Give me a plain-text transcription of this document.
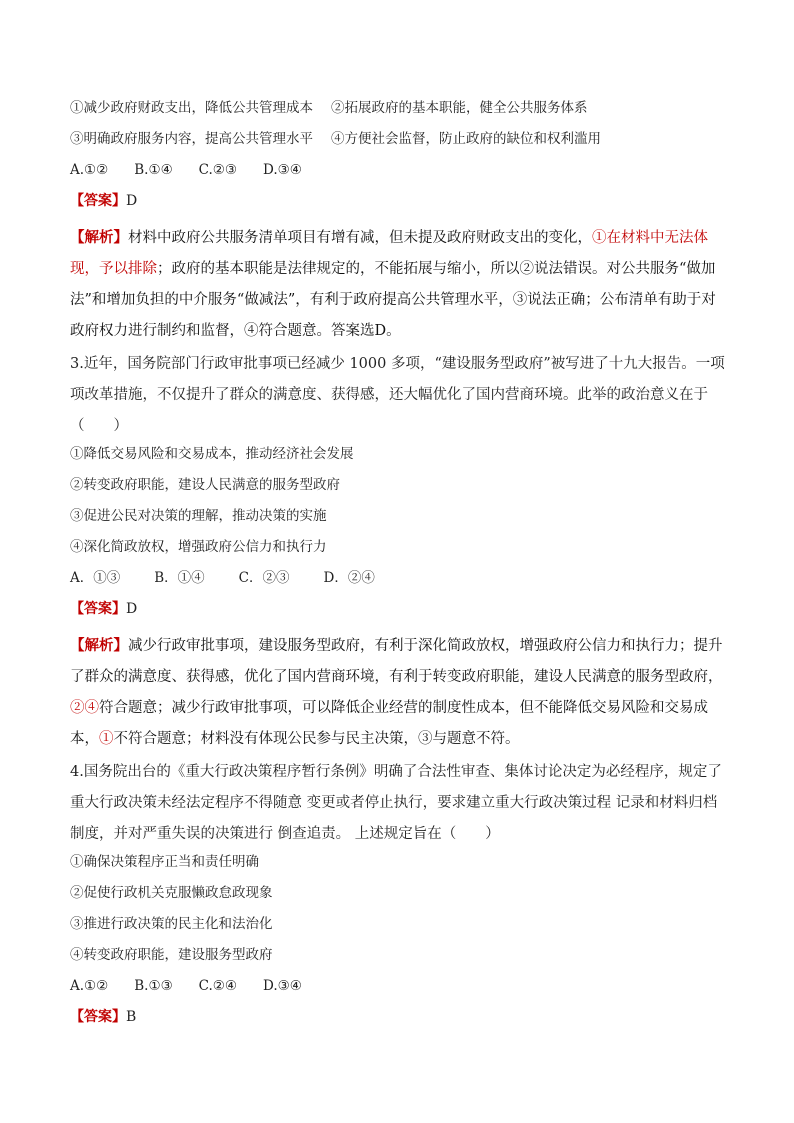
①减少政府财政支出，降低公共管理成本 ②拓展政府的基本职能，健全公共服务体系
③明确政府服务内容，提高公共管理水平 ④方便社会监督，防止政府的缺位和权利滥用
A.①② B.①④ C.②③ D.③④
【答案】D
【解析】材料中政府公共服务清单项目有增有减，但未提及政府财政支出的变化，①在材料中无法体现，予以排除；政府的基本职能是法律规定的，不能拓展与缩小，所以②说法错误。对公共服务“做加法”和增加负担的中介服务“做减法”，有利于政府提高公共管理水平，③说法正确；公布清单有助于对政府权力进行制约和监督，④符合题意。答案选D。
3.近年，国务院部门行政审批事项已经减少 1000 多项，“建设服务型政府”被写进了十九大报告。一项项改革措施，不仅提升了群众的满意度、获得感，还大幅优化了国内营商环境。此举的政治意义在于（　　）
①降低交易风险和交易成本，推动经济社会发展
②转变政府职能，建设人民满意的服务型政府
③促进公民对决策的理解，推动决策的实施
④深化简政放权，增强政府公信力和执行力
A．①③	B．①④	C．②③	D．②④
【答案】D
【解析】减少行政审批事项，建设服务型政府，有利于深化简政放权，增强政府公信力和执行力；提升了群众的满意度、获得感，优化了国内营商环境，有利于转变政府职能，建设人民满意的服务型政府，②④符合题意；减少行政审批事项，可以降低企业经营的制度性成本，但不能降低交易风险和交易成本，①不符合题意；材料没有体现公民参与民主决策，③与题意不符。
4.国务院出台的《重大行政决策程序暂行条例》明确了合法性审查、集体讨论决定为必经程序，规定了重大行政决策未经法定程序不得随意 变更或者停止执行，要求建立重大行政决策过程 记录和材料归档制度，并对严重失误的决策进行 倒查追责。 上述规定旨在（　　）
①确保决策程序正当和责任明确
②促使行政机关克服懒政怠政现象
③推进行政决策的民主化和法治化
④转变政府职能，建设服务型政府
A.①② B.①③ C.②④ D.③④
【答案】B
